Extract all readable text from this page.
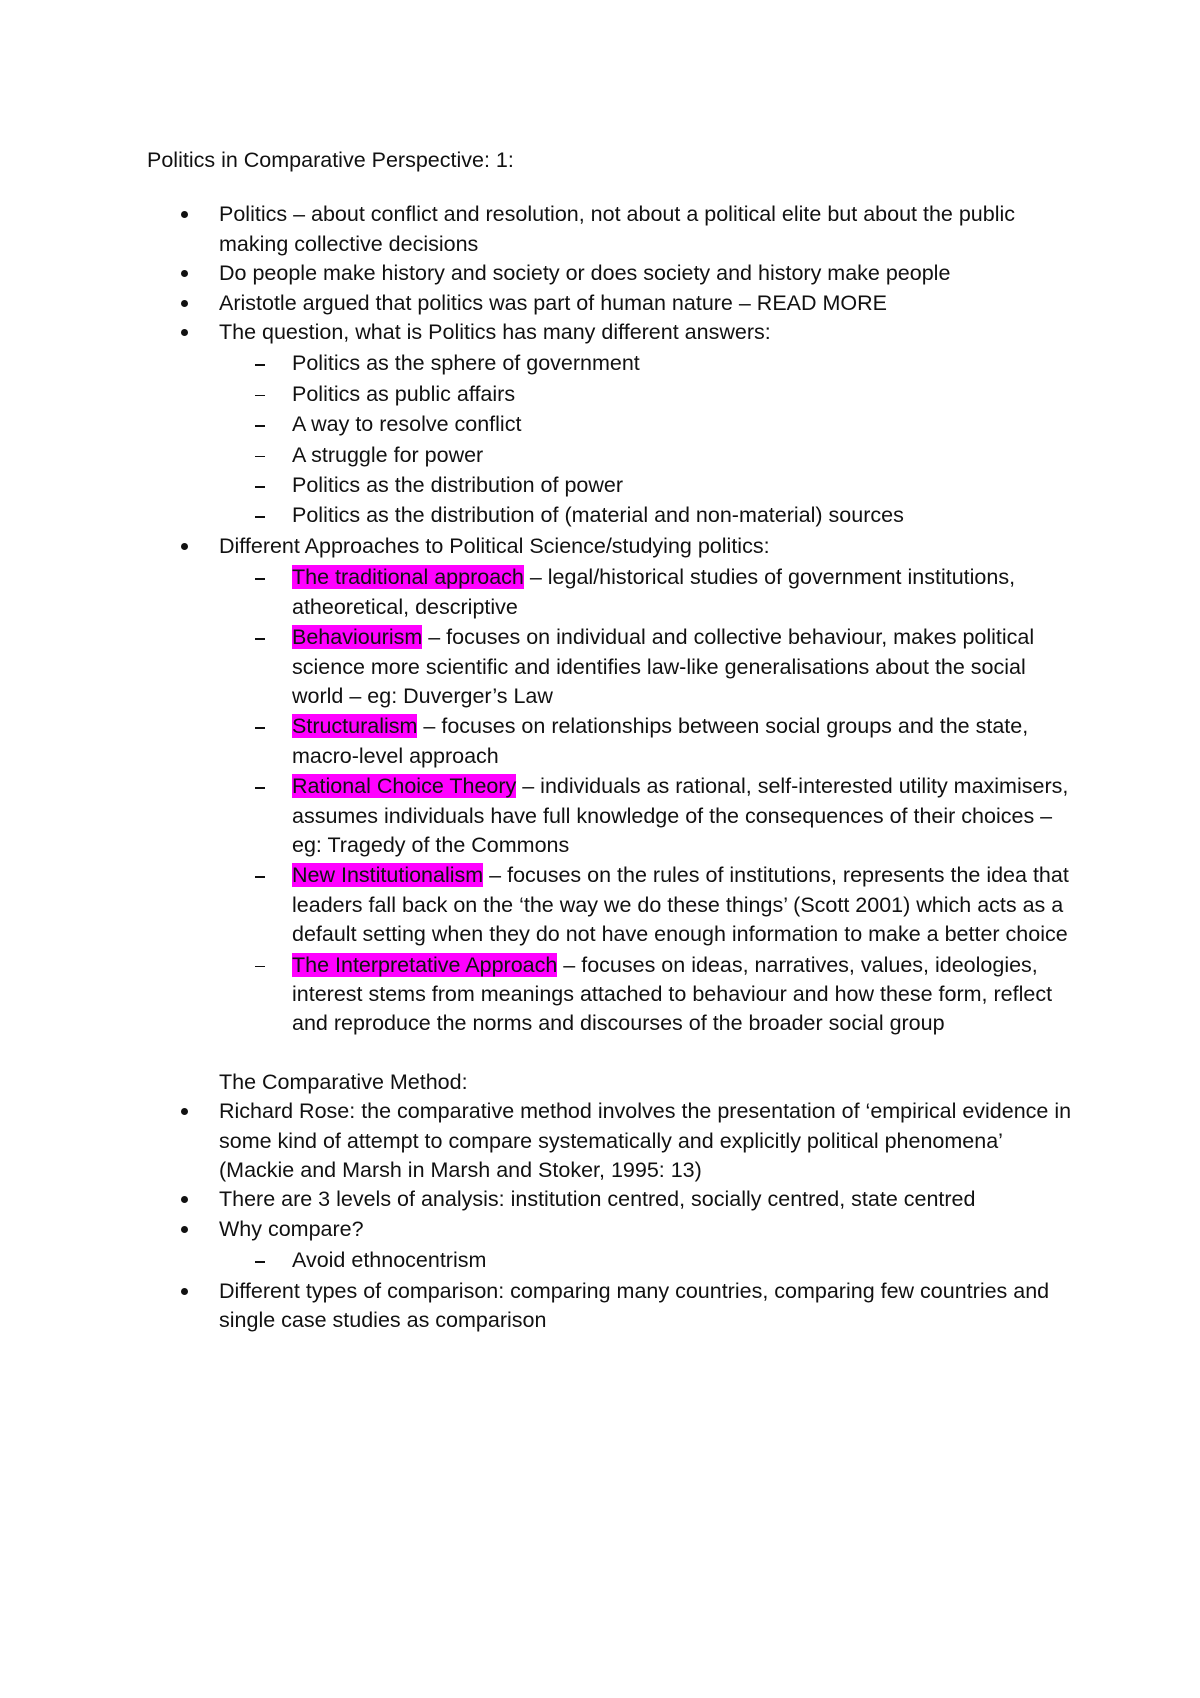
Politics in Comparative Perspective: 1:

Politics – about conflict and resolution, not about a political elite but about the public making collective decisions
Do people make history and society or does society and history make people
Aristotle argued that politics was part of human nature – READ MORE
The question, what is Politics has many different answers:
Politics as the sphere of government
Politics as public affairs
A way to resolve conflict
A struggle for power
Politics as the distribution of power
Politics as the distribution of (material and non-material) sources
Different Approaches to Political Science/studying politics:
The traditional approach – legal/historical studies of government institutions, atheoretical, descriptive
Behaviourism – focuses on individual and collective behaviour, makes political science more scientific and identifies law-like generalisations about the social world – eg: Duverger’s Law
Structuralism – focuses on relationships between social groups and the state, macro-level approach
Rational Choice Theory – individuals as rational, self-interested utility maximisers, assumes individuals have full knowledge of the consequences of their choices – eg: Tragedy of the Commons
New Institutionalism – focuses on the rules of institutions, represents the idea that leaders fall back on the ‘the way we do these things’ (Scott 2001) which acts as a default setting when they do not have enough information to make a better choice
The Interpretative Approach – focuses on ideas, narratives, values, ideologies, interest stems from meanings attached to behaviour and how these form, reflect and reproduce the norms and discourses of the broader social group

The Comparative Method:

Richard Rose: the comparative method involves the presentation of ‘empirical evidence in some kind of attempt to compare systematically and explicitly political phenomena’ (Mackie and Marsh in Marsh and Stoker, 1995: 13)
There are 3 levels of analysis: institution centred, socially centred, state centred
Why compare?
Avoid ethnocentrism
Different types of comparison: comparing many countries, comparing few countries and single case studies as comparison
